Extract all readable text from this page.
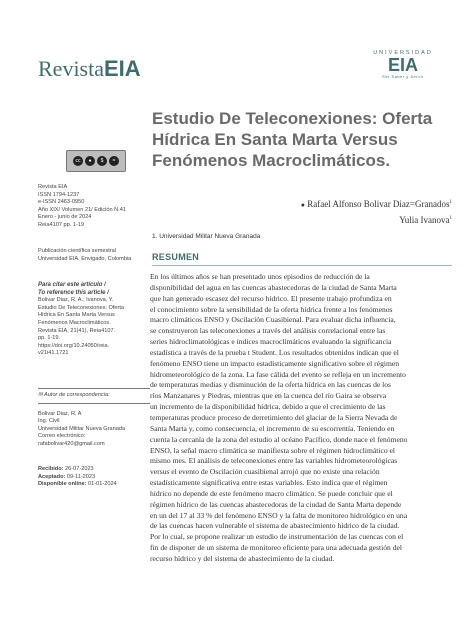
RevistaEIA
UNIVERSIDAD
EIA
Ser Saber y Servir
Estudio De Teleconexiones: Oferta
Hídrica En Santa Marta Versus
Fenómenos Macroclimáticos.
cc	●	$	=
Revista EIA
ISSN 1794-1237
e-ISSN 2463-0950
Año XIX/ Volumen 21/ Edición N.41
Enero - junio de 2024
Reia4107 pp. 1-19
Publicación científica semestral
Universidad EIA, Envigado, Colombia
Para citar este artículo /
To reference this article /
Bolivar Diaz, R. A.; Ivanova, Y.
Estudio De Teleconexiones: Oferta
Hídrica En Santa Marta Versus
Fenómenos Macroclimáticos.
Revista EIA, 21(41), Reia4107.
pp. 1-19.
https://doi.org/10.24050/reia.
v21i41.1721
✉ Autor de correspondencia:
Bolivar Diaz, R. A
Ing. Civil
Universidad Militar Nueva Granada
Correo electrónico:
rafabolivar420@gmail.com
Recibido: 26-07-2023
Aceptado: 09-11-2023
Disponible online: 01-01-2024
● Rafael Alfonso Bolivar Diaz=Granados$^1$
Yulia Ivanova$^1$
1. Universidad Militar Nueva Granada
RESUMEN
En los últimos años se han presentado unos episodios de reducción de la
disponibilidad del agua en las cuencas abastecedoras de la ciudad de Santa Marta
que han generado escasez del recurso hídrico. El presente trabajo profundiza en
el conocimiento sobre la sensibilidad de la oferta hídrica frente a los fenómenos
macro climáticos ENSO y Oscilación Cuasibienal. Para evaluar dicha influencia,
se construyeron las teleconexiones a través del análisis correlacional entre las
series hidroclimatológicas e índices macroclimáticos evaluando la significancia
estadística a través de la prueba t Student. Los resultados obtenidos indican que el
fenómeno ENSO tiene un impacto estadísticamente significativo sobre el régimen
hidrometeorológico de la zona. La fase cálida del evento se refleja en un incremento
de temperaturas medias y disminución de la oferta hídrica en las cuencas de los
ríos Manzanares y Piedras, mientras que en la cuenca del río Gaira se observa
un incremento de la disponibilidad hídrica, debido a que el crecimiento de las
temperaturas produce proceso de derretimiento del glaciar de la Sierra Nevada de
Santa Marta y, como consecuencia, el incremento de su escorrentía. Teniendo en
cuenta la cercanía de la zona del estudio al océano Pacífico, donde nace el fenómeno
ENSO, la señal macro climática se manifiesta sobre el régimen hidroclimático el
mismo mes. El análisis de teleconexiones entre las variables hidrometeorológicas
versus el evento de Oscilación cuasibienal arrojó que no existe una relación
estadísticamente significativa entre estas variables. Esto indica que el régimen
hídrico no depende de este fenómeno macro climático. Se puede concluir que el
régimen hídrico de las cuencas abastecedoras de la ciudad de Santa Marta depende
en un del 17 al 33 % del fenómeno ENSO y la falta de monitoreo hidrológico en una
de las cuencas hacen vulnerable el sistema de abastecimiento hídrico de la ciudad.
Por lo cual, se propone realizar un estudio de instrumentación de las cuencas con el
fin de disponer de un sistema de monitoreo eficiente para una adecuada gestión del
recurso hídrico y del sistema de abastecimiento de la ciudad.
